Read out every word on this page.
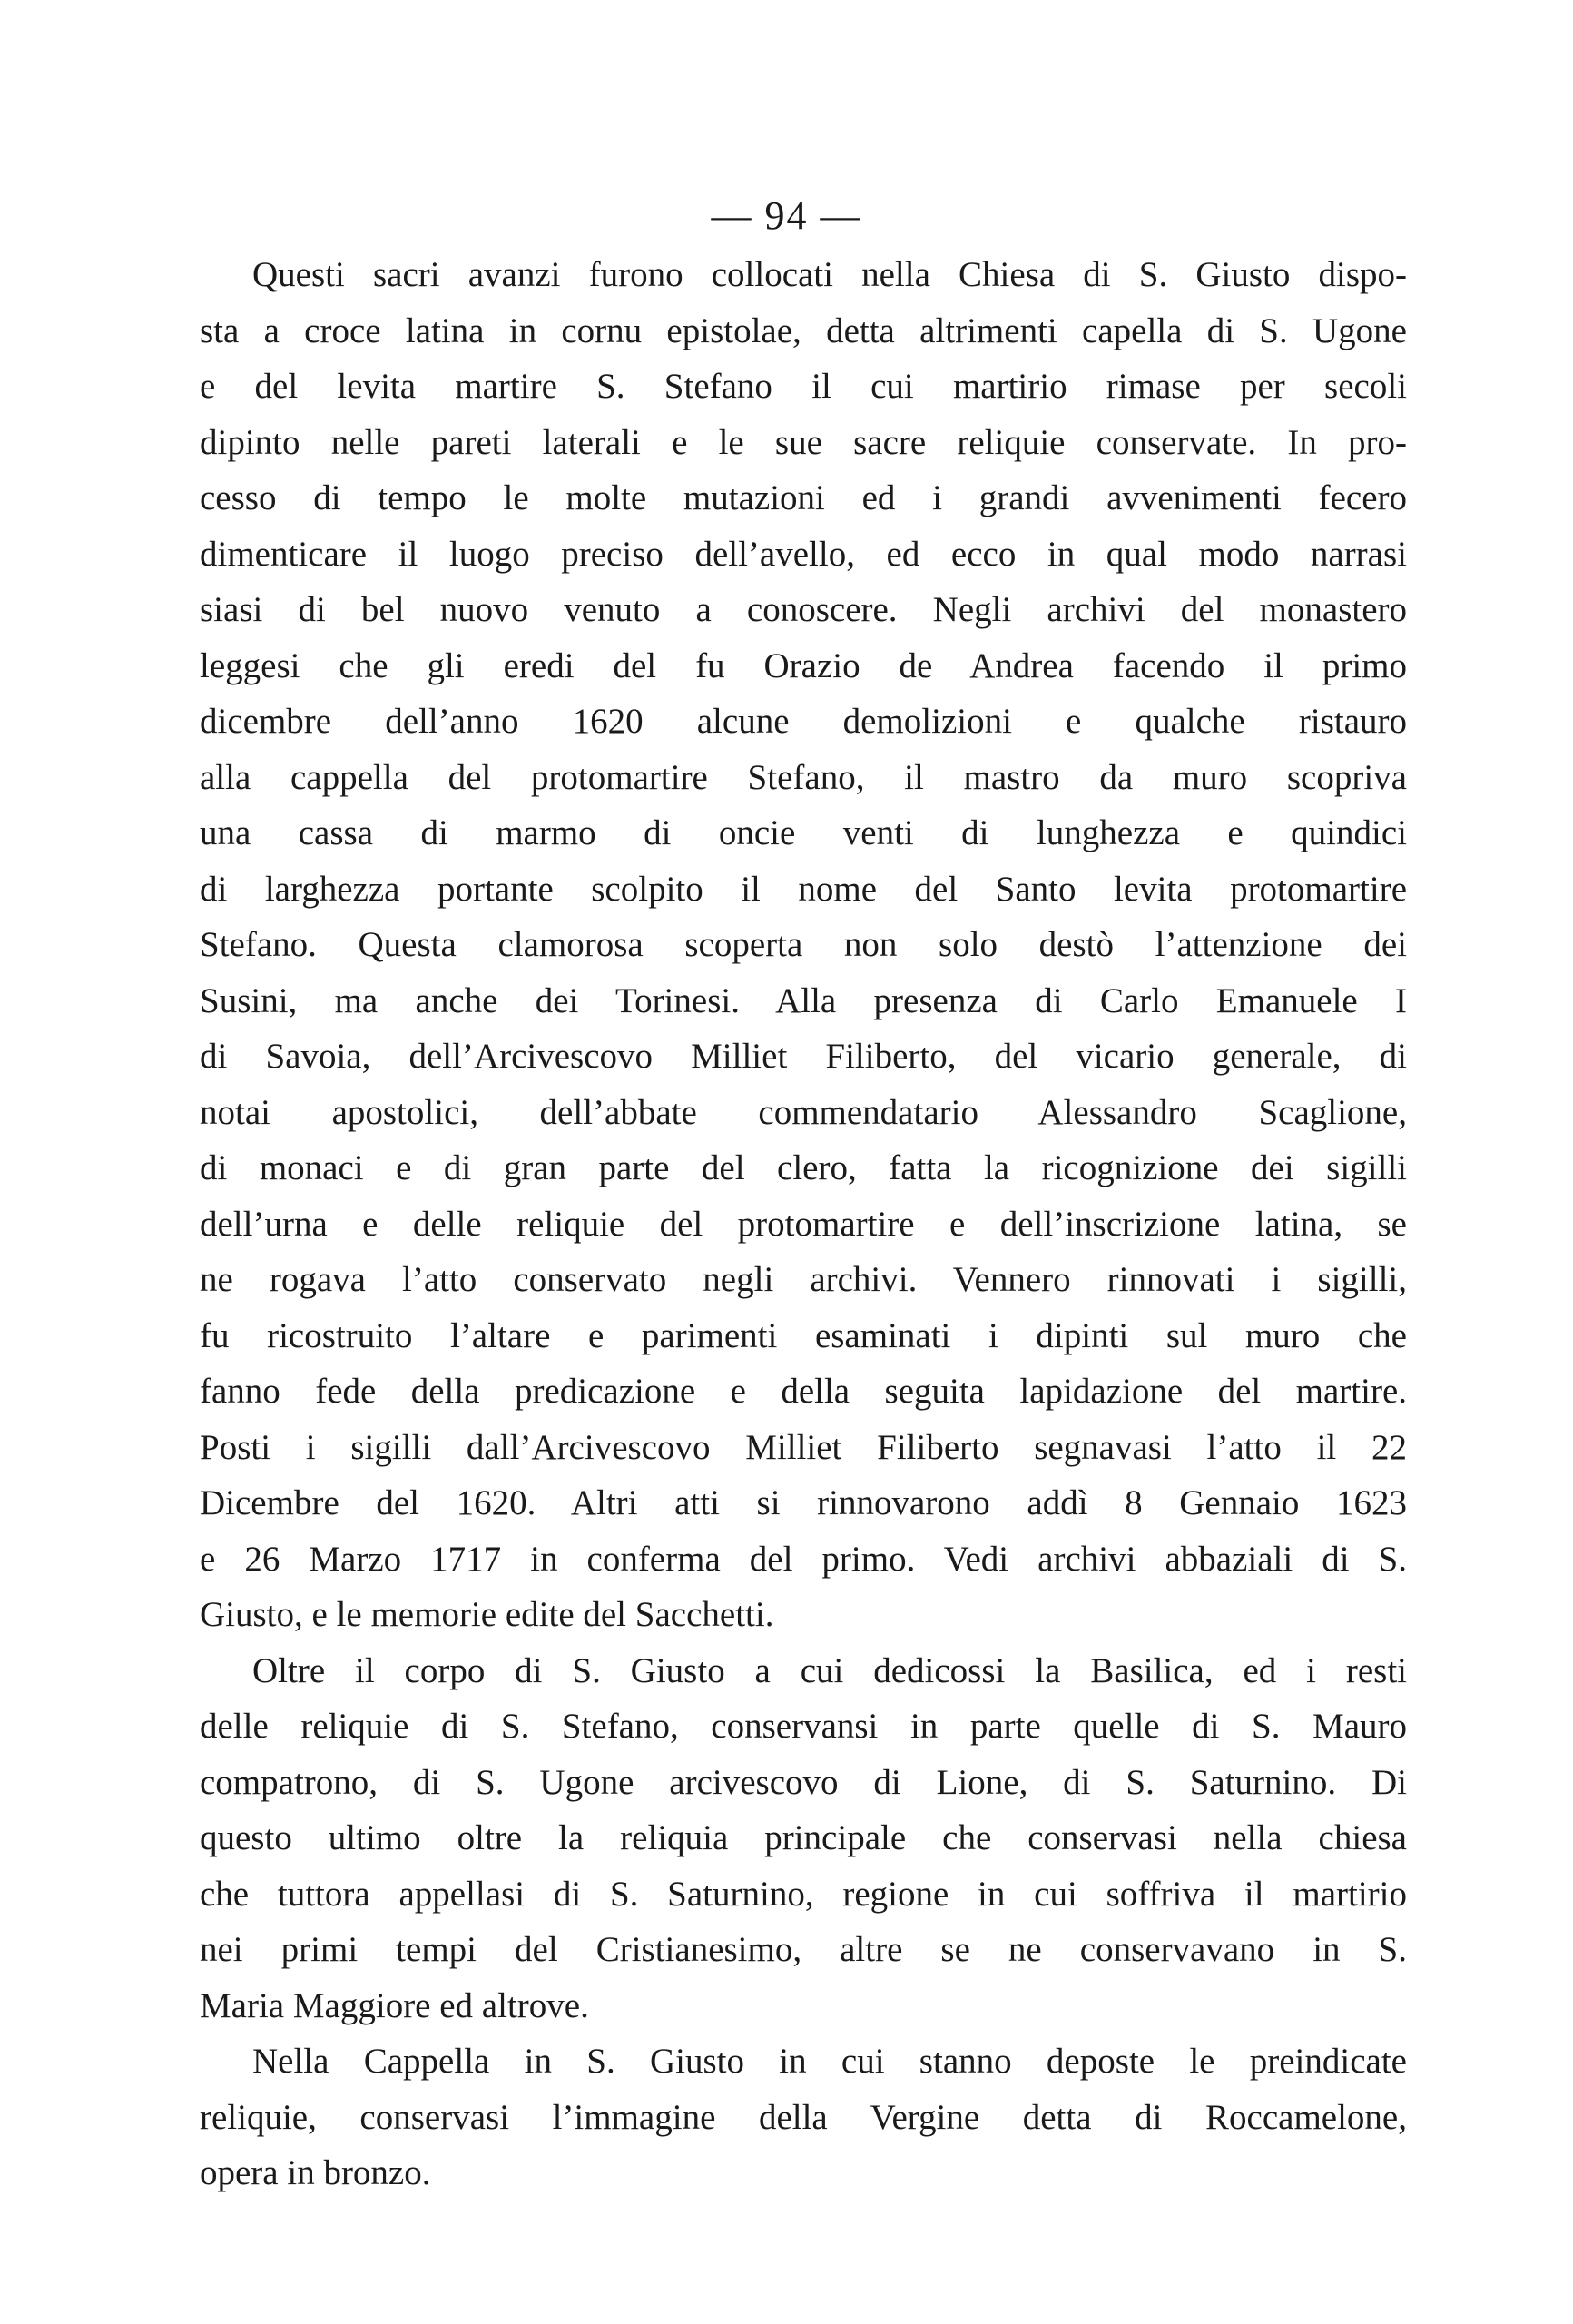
— 94 —
Questi sacri avanzi furono collocati nella Chiesa di S. Giusto dispo-
sta a croce latina in cornu epistolae, detta altrimenti capella di S. Ugone
e del levita martire S. Stefano il cui martirio rimase per secoli
dipinto nelle pareti laterali e le sue sacre reliquie conservate. In pro-
cesso di tempo le molte mutazioni ed i grandi avvenimenti fecero
dimenticare il luogo preciso dell’avello, ed ecco in qual modo narrasi
siasi di bel nuovo venuto a conoscere. Negli archivi del monastero
leggesi che gli eredi del fu Orazio de Andrea facendo il primo
dicembre dell’anno 1620 alcune demolizioni e qualche ristauro
alla cappella del protomartire Stefano, il mastro da muro scopriva
una cassa di marmo di oncie venti di lunghezza e quindici
di larghezza portante scolpito il nome del Santo levita protomartire
Stefano. Questa clamorosa scoperta non solo destò l’attenzione dei
Susini, ma anche dei Torinesi. Alla presenza di Carlo Emanuele I
di Savoia, dell’Arcivescovo Milliet Filiberto, del vicario generale, di
notai apostolici, dell’abbate commendatario Alessandro Scaglione,
di monaci e di gran parte del clero, fatta la ricognizione dei sigilli
dell’urna e delle reliquie del protomartire e dell’inscrizione latina, se
ne rogava l’atto conservato negli archivi. Vennero rinnovati i sigilli,
fu ricostruito l’altare e parimenti esaminati i dipinti sul muro che
fanno fede della predicazione e della seguita lapidazione del martire.
Posti i sigilli dall’Arcivescovo Milliet Filiberto segnavasi l’atto il 22
Dicembre del 1620. Altri atti si rinnovarono addì 8 Gennaio 1623
e 26 Marzo 1717 in conferma del primo. Vedi archivi abbaziali di S.
Giusto, e le memorie edite del Sacchetti.
Oltre il corpo di S. Giusto a cui dedicossi la Basilica, ed i resti
delle reliquie di S. Stefano, conservansi in parte quelle di S. Mauro
compatrono, di S. Ugone arcivescovo di Lione, di S. Saturnino. Di
questo ultimo oltre la reliquia principale che conservasi nella chiesa
che tuttora appellasi di S. Saturnino, regione in cui soffriva il martirio
nei primi tempi del Cristianesimo, altre se ne conservavano in S.
Maria Maggiore ed altrove.
Nella Cappella in S. Giusto in cui stanno deposte le preindicate
reliquie, conservasi l’immagine della Vergine detta di Roccamelone,
opera in bronzo.
